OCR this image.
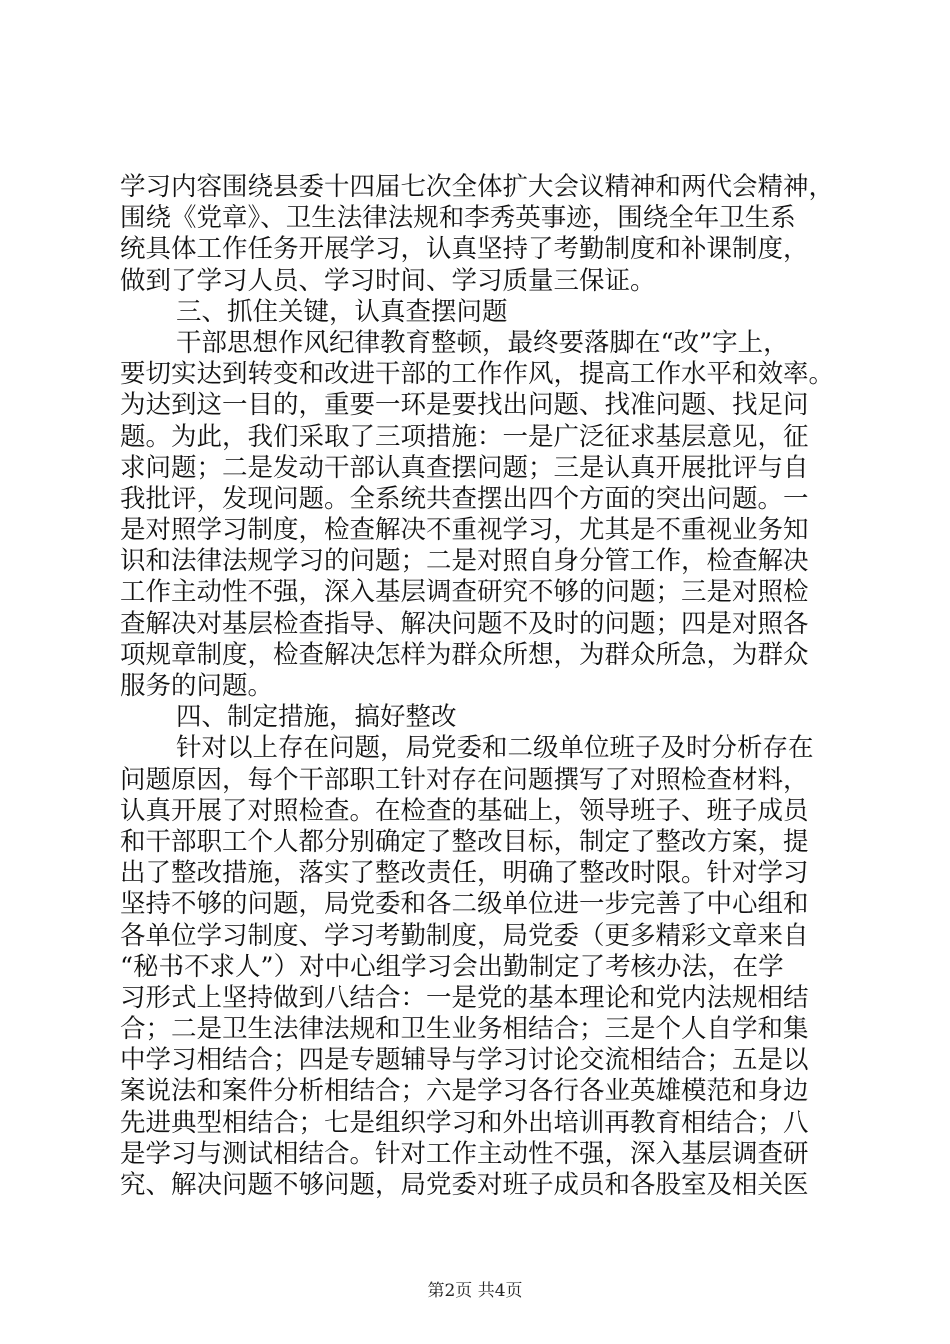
学习内容围绕县委十四届七次全体扩大会议精神和两代会精神，
围绕《党章》、卫生法律法规和李秀英事迹，围绕全年卫生系
统具体工作任务开展学习，认真坚持了考勤制度和补课制度，
做到了学习人员、学习时间、学习质量三保证。
三、抓住关键，认真查摆问题
干部思想作风纪律教育整顿，最终要落脚在“改”字上，
要切实达到转变和改进干部的工作作风，提高工作水平和效率。
为达到这一目的，重要一环是要找出问题、找准问题、找足问
题。为此，我们采取了三项措施：一是广泛征求基层意见，征
求问题；二是发动干部认真查摆问题；三是认真开展批评与自
我批评，发现问题。全系统共查摆出四个方面的突出问题。一
是对照学习制度，检查解决不重视学习，尤其是不重视业务知
识和法律法规学习的问题；二是对照自身分管工作，检查解决
工作主动性不强，深入基层调查研究不够的问题；三是对照检
查解决对基层检查指导、解决问题不及时的问题；四是对照各
项规章制度，检查解决怎样为群众所想，为群众所急，为群众
服务的问题。
四、制定措施，搞好整改
针对以上存在问题，局党委和二级单位班子及时分析存在
问题原因，每个干部职工针对存在问题撰写了对照检查材料，
认真开展了对照检查。在检查的基础上，领导班子、班子成员
和干部职工个人都分别确定了整改目标，制定了整改方案，提
出了整改措施，落实了整改责任，明确了整改时限。针对学习
坚持不够的问题，局党委和各二级单位进一步完善了中心组和
各单位学习制度、学习考勤制度，局党委（更多精彩文章来自
“秘书不求人”）对中心组学习会出勤制定了考核办法，在学
习形式上坚持做到八结合：一是党的基本理论和党内法规相结
合；二是卫生法律法规和卫生业务相结合；三是个人自学和集
中学习相结合；四是专题辅导与学习讨论交流相结合；五是以
案说法和案件分析相结合；六是学习各行各业英雄模范和身边
先进典型相结合；七是组织学习和外出培训再教育相结合；八
是学习与测试相结合。针对工作主动性不强，深入基层调查研
究、解决问题不够问题，局党委对班子成员和各股室及相关医
第2页 共4页
